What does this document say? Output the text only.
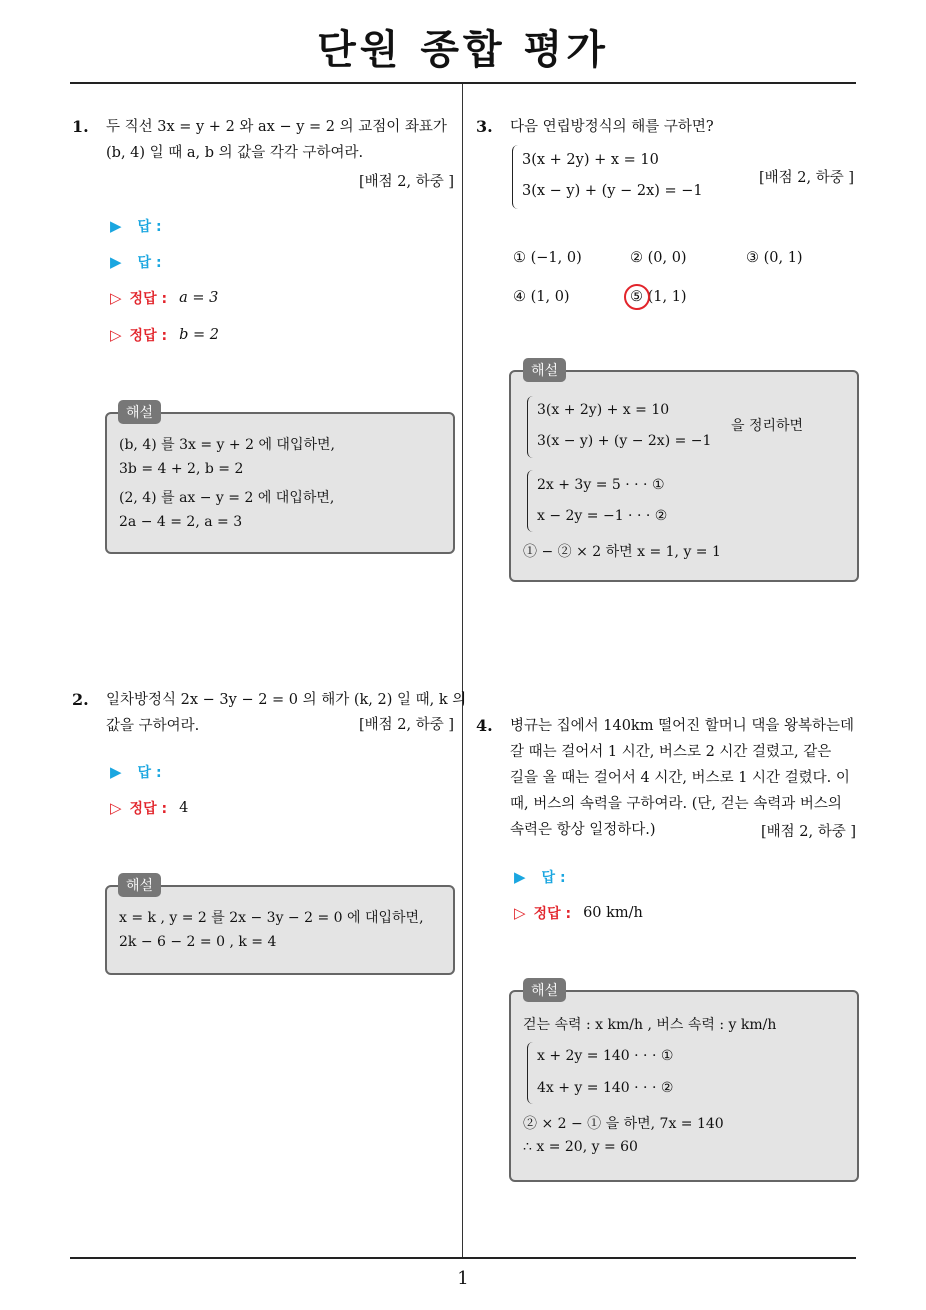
단원 종합 평가
1
1. 두 직선 3x = y + 2 와 ax − y = 2 의 교점이 좌표가
(b, 4) 일 때 a, b 의 값을 각각 구하여라.
[배점 2, 하중 ]
▶ 답 :
▶ 답 :
▷ 정답 : a = 3
▷ 정답 : b = 2
(b, 4) 를 3x = y + 2 에 대입하면,
3b = 4 + 2, b = 2
(2, 4) 를 ax − y = 2 에 대입하면,
2a − 4 = 2, a = 3
해설
2. 일차방정식 2x − 3y − 2 = 0 의 해가 (k, 2) 일 때, k 의
값을 구하여라.	[배점 2, 하중 ]
▶ 답 :
▷ 정답 : 4
x = k , y = 2 를 2x − 3y − 2 = 0 에 대입하면,
2k − 6 − 2 = 0 , k = 4
해설
3. 다음 연립방정식의 해를 구하면?
3(x + 2y) + x = 10
3(x − y) + (y − 2x) = −1
[배점 2, 하중 ]
① (−1, 0)	② (0, 0)	③ (0, 1)
④ (1, 0)	⑤ (1, 1)
3(x + 2y) + x = 10
3(x − y) + (y − 2x) = −1
을 정리하면
2x + 3y = 5 · · · ①
x − 2y = −1 · · · ②
① − ② × 2 하면 x = 1, y = 1
해설
4. 병규는 집에서 140km 떨어진 할머니 댁을 왕복하는데
갈 때는 걸어서 1 시간, 버스로 2 시간 걸렸고, 같은
길을 올 때는 걸어서 4 시간, 버스로 1 시간 걸렸다. 이
때, 버스의 속력을 구하여라. (단, 걷는 속력과 버스의
속력은 항상 일정하다.)	[배점 2, 하중 ]
▶ 답 :
▷ 정답 : 60 km/h
걷는 속력 : x km/h , 버스 속력 : y km/h
x + 2y = 140 · · · ①
4x + y = 140 · · · ②
② × 2 − ① 을 하면, 7x = 140
∴ x = 20, y = 60
해설
